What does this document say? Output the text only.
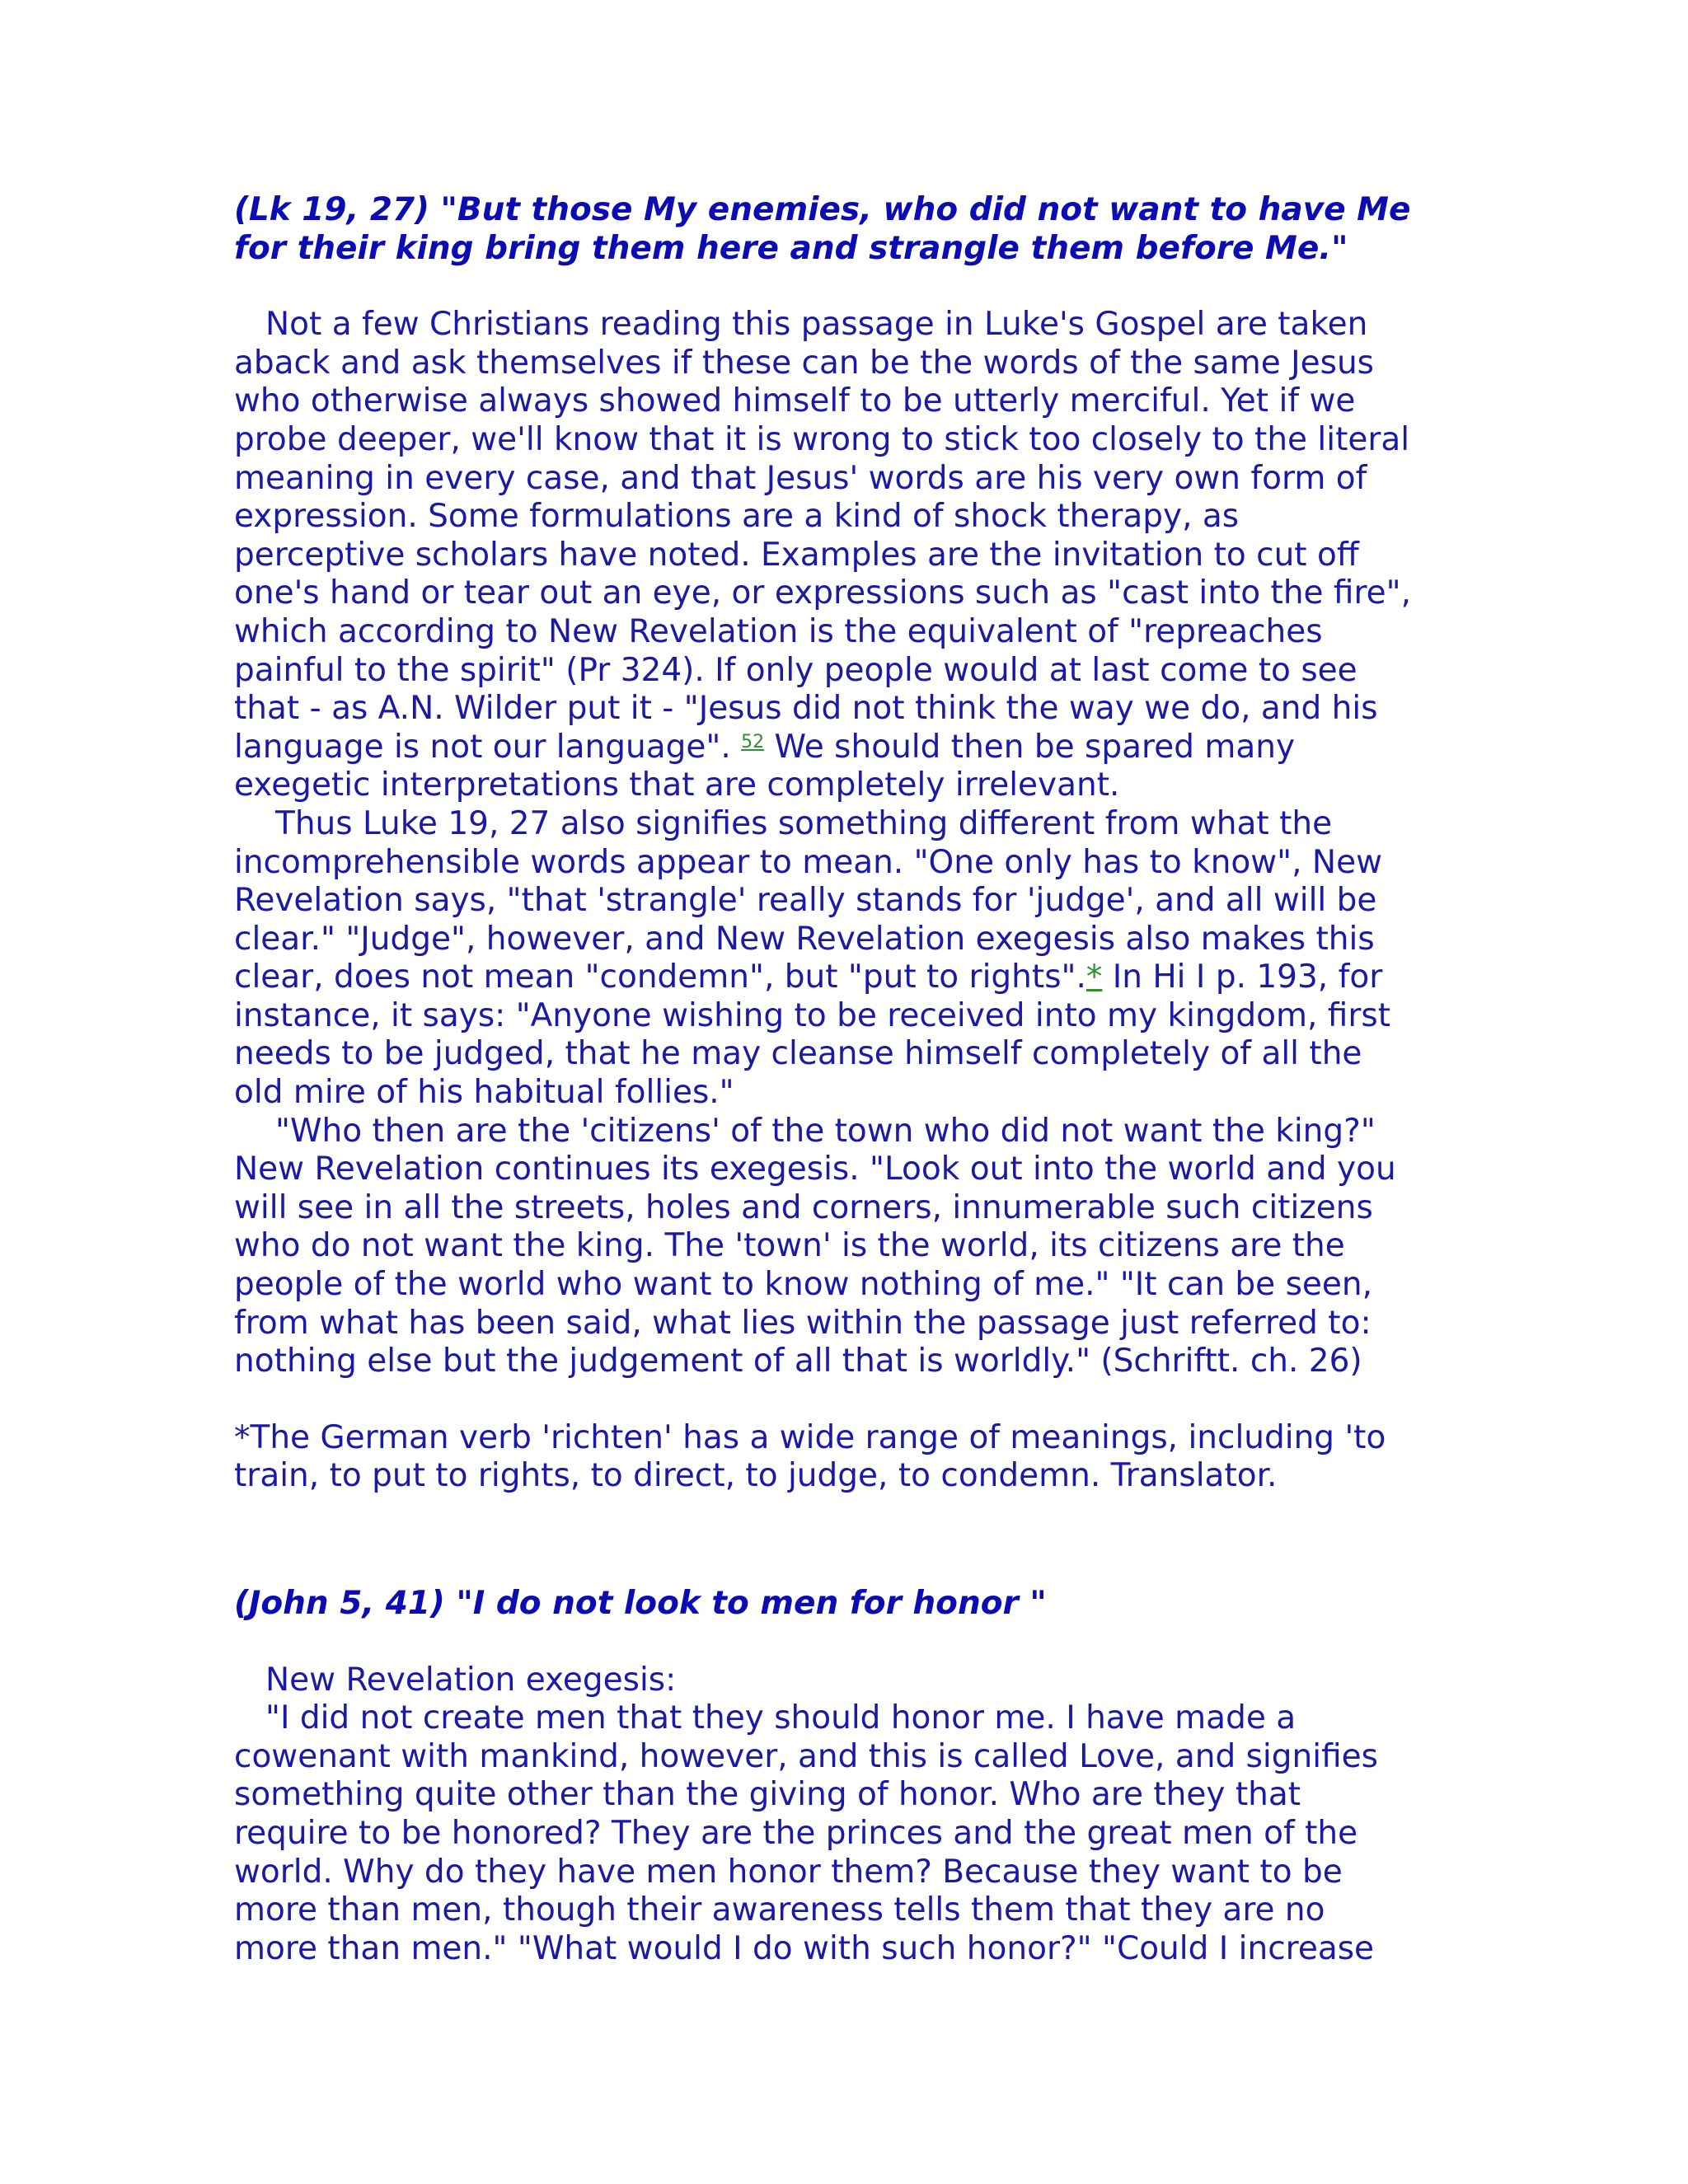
(Lk 19, 27) "But those My enemies, who did not want to have Me
for their king bring them here and strangle them before Me."
Not a few Christians reading this passage in Luke's Gospel are taken
aback and ask themselves if these can be the words of the same Jesus
who otherwise always showed himself to be utterly merciful. Yet if we
probe deeper, we'll know that it is wrong to stick too closely to the literal
meaning in every case, and that Jesus' words are his very own form of
expression. Some formulations are a kind of shock therapy, as
perceptive scholars have noted. Examples are the invitation to cut off
one's hand or tear out an eye, or expressions such as "cast into the fire",
which according to New Revelation is the equivalent of "repreaches
painful to the spirit" (Pr 324). If only people would at last come to see
that - as A.N. Wilder put it - "Jesus did not think the way we do, and his
language is not our language". $^{52}$ We should then be spared many
exegetic interpretations that are completely irrelevant.
Thus Luke 19, 27 also signifies something different from what the
incomprehensible words appear to mean. "One only has to know", New
Revelation says, "that 'strangle' really stands for 'judge', and all will be
clear." "Judge", however, and New Revelation exegesis also makes this
clear, does not mean "condemn", but "put to rights".* In Hi I p. 193, for
instance, it says: "Anyone wishing to be received into my kingdom, first
needs to be judged, that he may cleanse himself completely of all the
old mire of his habitual follies."
"Who then are the 'citizens' of the town who did not want the king?"
New Revelation continues its exegesis. "Look out into the world and you
will see in all the streets, holes and corners, innumerable such citizens
who do not want the king. The 'town' is the world, its citizens are the
people of the world who want to know nothing of me." "It can be seen,
from what has been said, what lies within the passage just referred to:
nothing else but the judgement of all that is worldly." (Schriftt. ch. 26)
*The German verb 'richten' has a wide range of meanings, including 'to
train, to put to rights, to direct, to judge, to condemn. Translator.
(John 5, 41) "I do not look to men for honor "
New Revelation exegesis:
"I did not create men that they should honor me. I have made a
cowenant with mankind, however, and this is called Love, and signifies
something quite other than the giving of honor. Who are they that
require to be honored? They are the princes and the great men of the
world. Why do they have men honor them? Because they want to be
more than men, though their awareness tells them that they are no
more than men." "What would I do with such honor?" "Could I increase
